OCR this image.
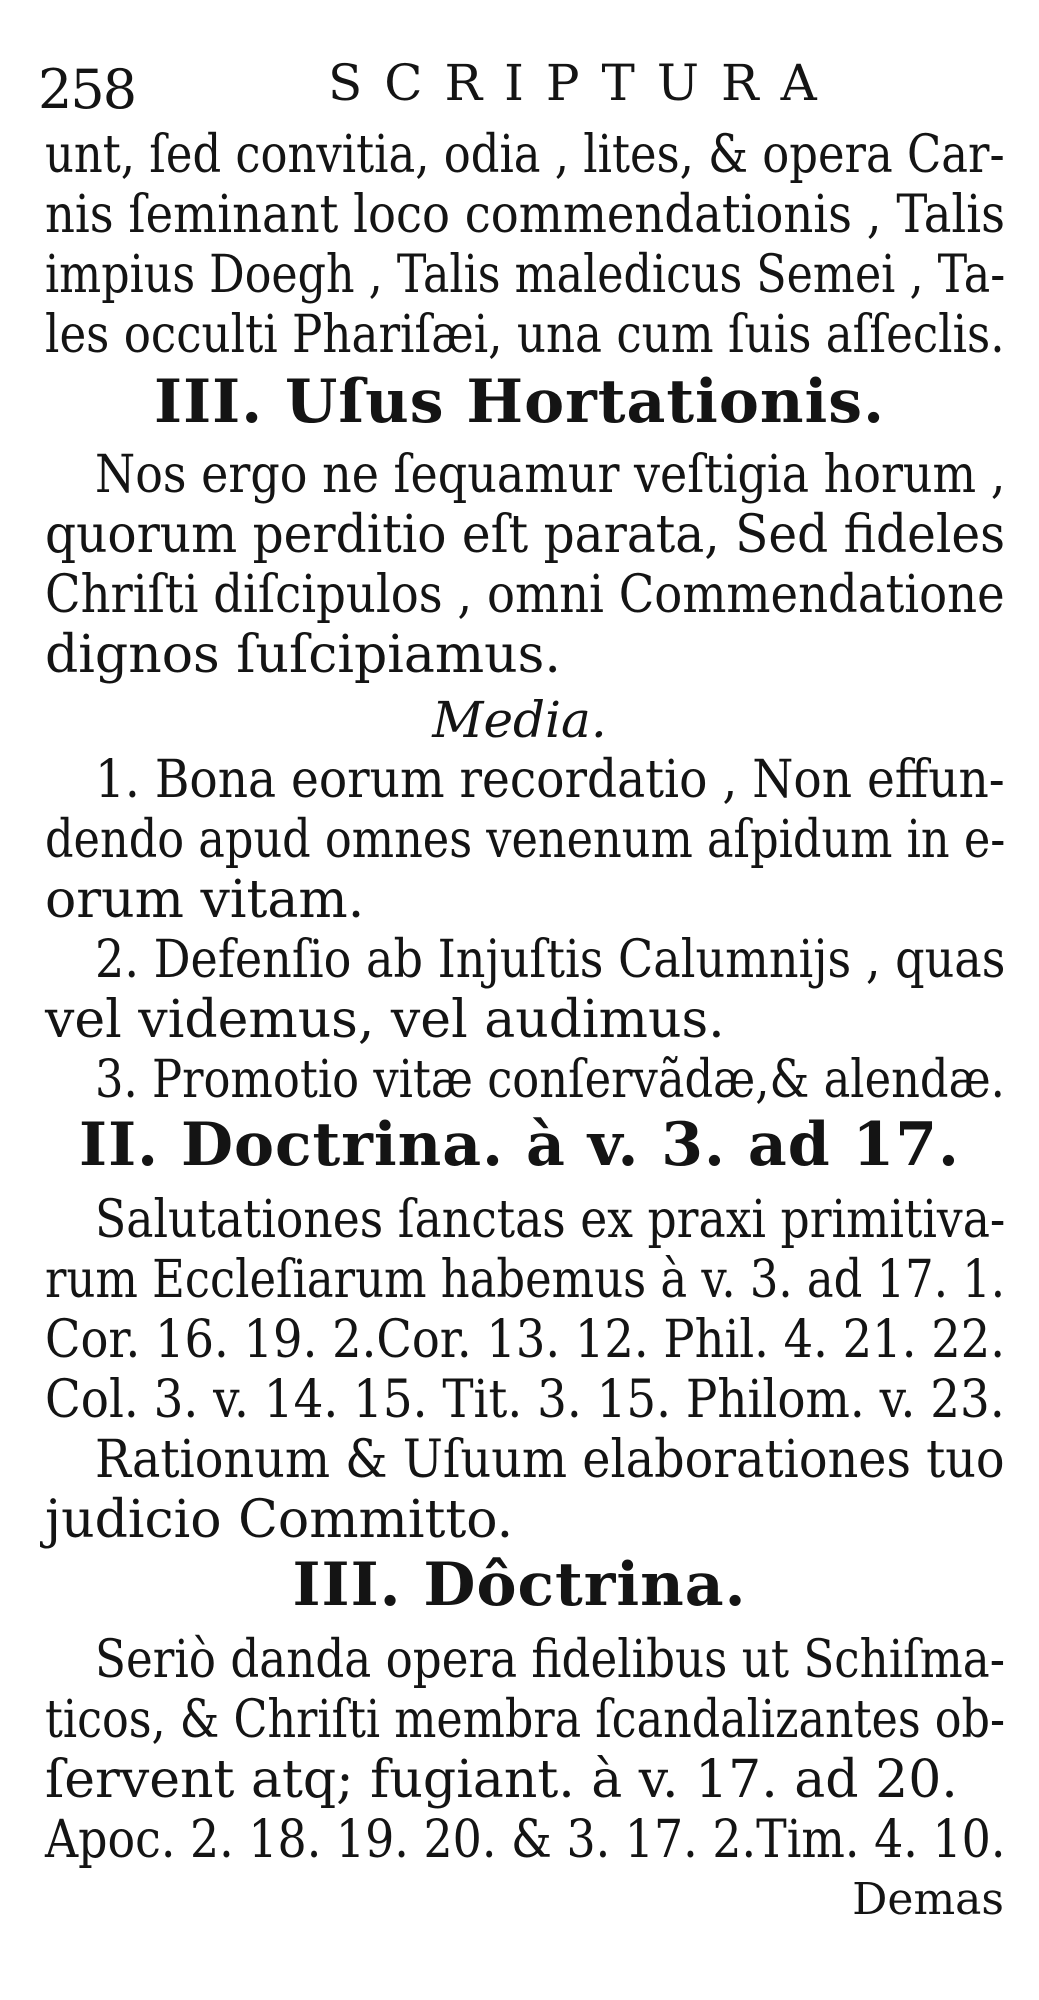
258	SCRIPTURA
unt, ſed convitia, odia , lites, & opera Car-
nis ſeminant loco commendationis , Talis
impius Doegh , Talis maledicus Semei , Ta-
les occulti Phariſæi, una cum ſuis aſſeclis.
III. Uſus Hortationis.
Nos ergo ne ſequamur veſtigia horum ,
quorum perditio eſt parata, Sed fideles
Chriſti diſcipulos , omni Commendatione
dignos ſuſcipiamus.
Media.
1. Bona eorum recordatio , Non effun-
dendo apud omnes venenum aſpidum in e-
orum vitam.
2. Defenſio ab Injuſtis Calumnijs , quas
vel videmus, vel audimus.
3. Promotio vitæ conſervãdæ,& alendæ.
II. Doctrina. à v. 3. ad 17.
Salutationes ſanctas ex praxi primitiva-
rum Eccleſiarum habemus à v. 3. ad 17. 1.
Cor. 16. 19. 2.Cor. 13. 12. Phil. 4. 21. 22.
Col. 3. v. 14. 15. Tit. 3. 15. Philom. v. 23.
Rationum & Uſuum elaborationes tuo
judicio Committo.
III. Dôctrina.
Seriò danda opera fidelibus ut Schiſma-
ticos, & Chriſti membra ſcandalizantes ob-
ſervent atq; fugiant. à v. 17. ad 20.
Apoc. 2. 18. 19. 20. & 3. 17. 2.Tim. 4. 10.
Demas
